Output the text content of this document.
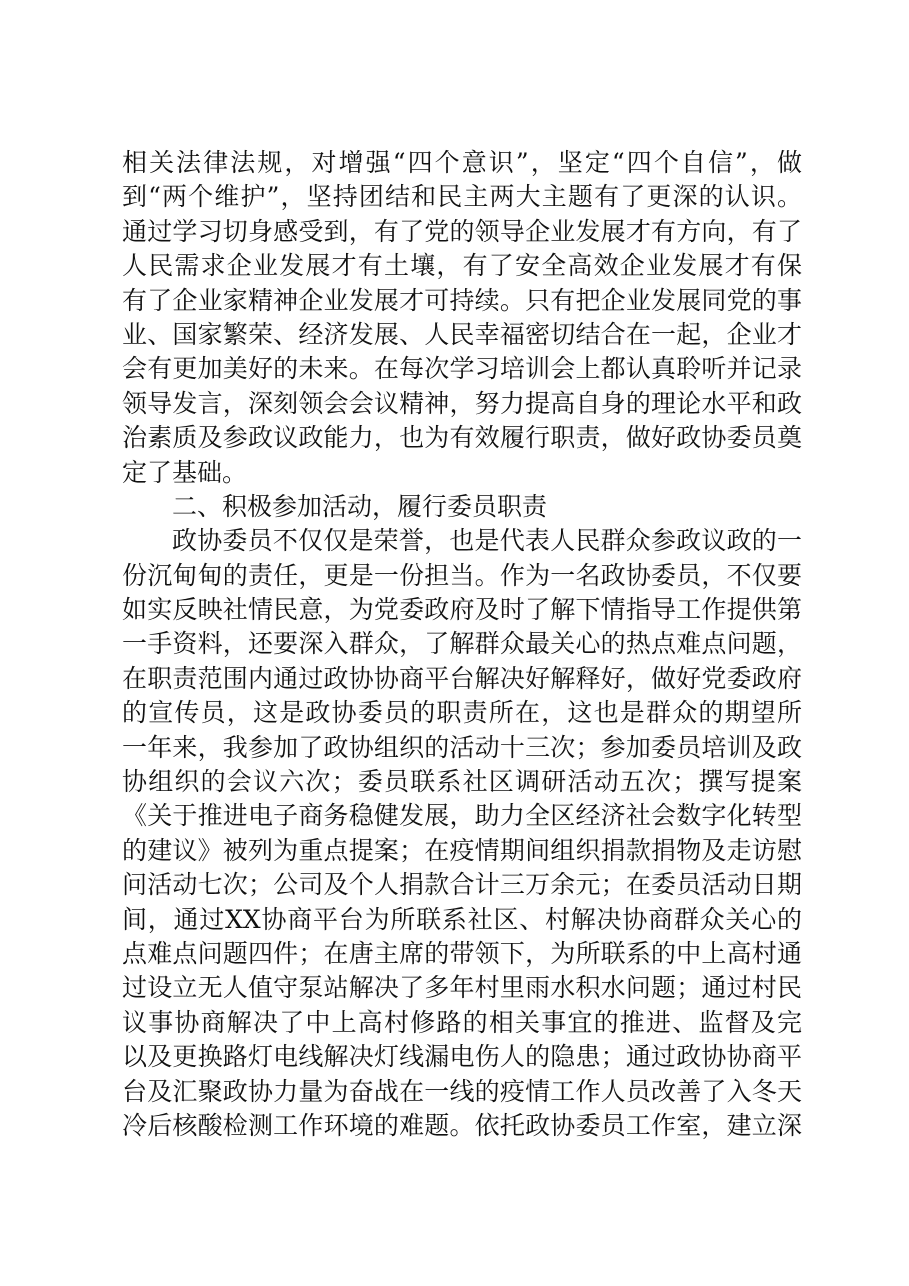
相关法律法规，对增强“四个意识”，坚定“四个自信”，做
到“两个维护”，坚持团结和民主两大主题有了更深的认识。
通过学习切身感受到，有了党的领导企业发展才有方向，有了
人民需求企业发展才有土壤，有了安全高效企业发展才有保
有了企业家精神企业发展才可持续。只有把企业发展同党的事
业、国家繁荣、经济发展、人民幸福密切结合在一起，企业才
会有更加美好的未来。在每次学习培训会上都认真聆听并记录
领导发言，深刻领会会议精神，努力提高自身的理论水平和政
治素质及参政议政能力，也为有效履行职责，做好政协委员奠
定了基础。
二、积极参加活动，履行委员职责
政协委员不仅仅是荣誉，也是代表人民群众参政议政的一
份沉甸甸的责任，更是一份担当。作为一名政协委员，不仅要
如实反映社情民意，为党委政府及时了解下情指导工作提供第
一手资料，还要深入群众，了解群众最关心的热点难点问题，
在职责范围内通过政协协商平台解决好解释好，做好党委政府
的宣传员，这是政协委员的职责所在，这也是群众的期望所
一年来，我参加了政协组织的活动十三次；参加委员培训及政
协组织的会议六次；委员联系社区调研活动五次；撰写提案
《关于推进电子商务稳健发展，助力全区经济社会数字化转型
的建议》被列为重点提案；在疫情期间组织捐款捐物及走访慰
问活动七次；公司及个人捐款合计三万余元；在委员活动日期
间，通过XX协商平台为所联系社区、村解决协商群众关心的
点难点问题四件；在唐主席的带领下，为所联系的中上高村通
过设立无人值守泵站解决了多年村里雨水积水问题；通过村民
议事协商解决了中上高村修路的相关事宜的推进、监督及完
以及更换路灯电线解决灯线漏电伤人的隐患；通过政协协商平
台及汇聚政协力量为奋战在一线的疫情工作人员改善了入冬天
冷后核酸检测工作环境的难题。依托政协委员工作室，建立深
